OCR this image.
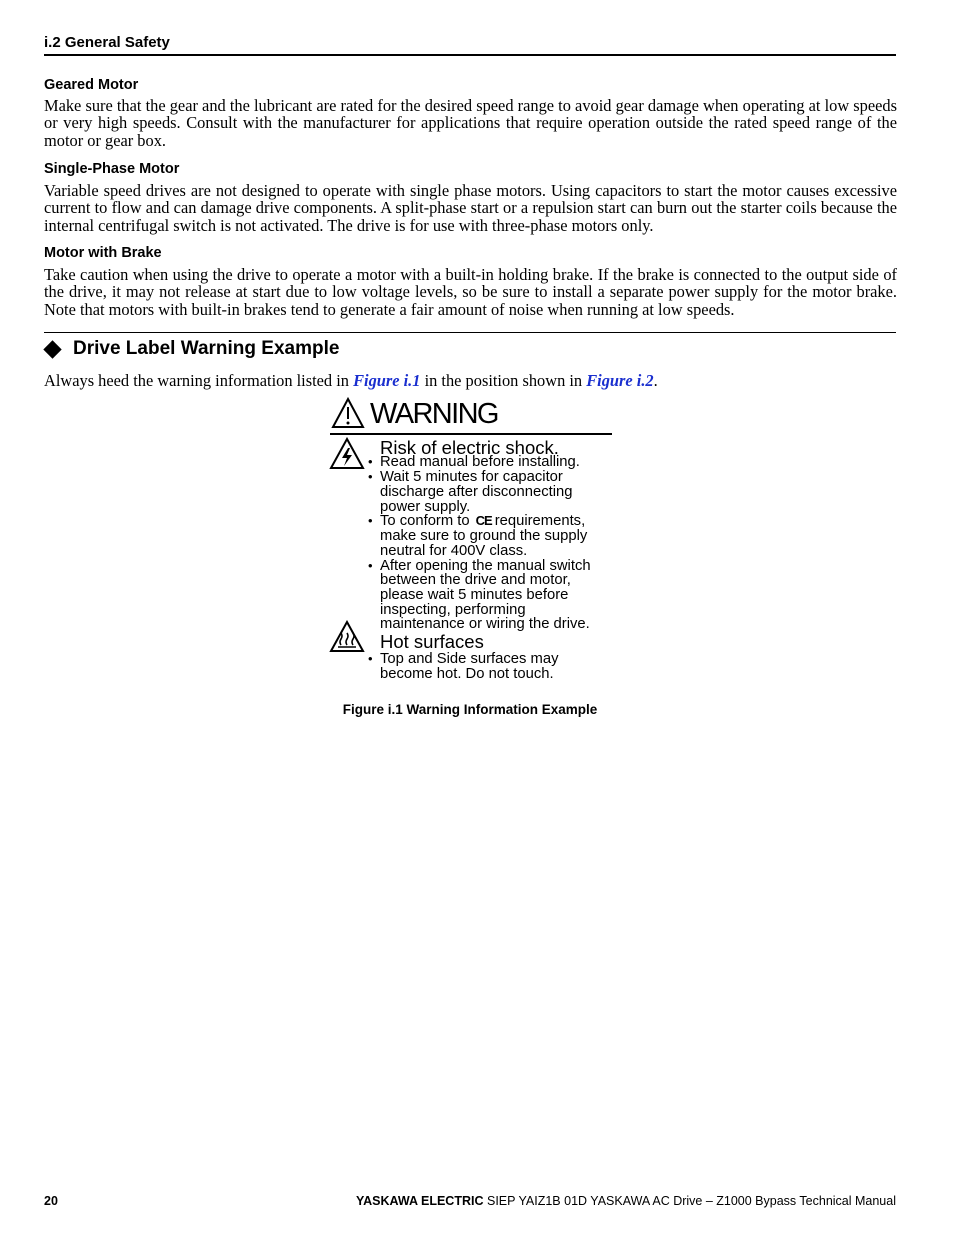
i.2 General Safety
Geared Motor
Make sure that the gear and the lubricant are rated for the desired speed range to avoid gear damage when operating at low speeds or very high speeds. Consult with the manufacturer for applications that require operation outside the rated speed range of the motor or gear box.
Single-Phase Motor
Variable speed drives are not designed to operate with single phase motors. Using capacitors to start the motor causes excessive current to flow and can damage drive components. A split-phase start or a repulsion start can burn out the starter coils because the internal centrifugal switch is not activated. The drive is for use with three-phase motors only.
Motor with Brake
Take caution when using the drive to operate a motor with a built-in holding brake. If the brake is connected to the output side of the drive, it may not release at start due to low voltage levels, so be sure to install a separate power supply for the motor brake. Note that motors with built-in brakes tend to generate a fair amount of noise when running at low speeds.
Drive Label Warning Example
Always heed the warning information listed in Figure i.1 in the position shown in Figure i.2.
WARNING
Risk of electric shock.
• Read manual before installing.
• Wait 5 minutes for capacitor
discharge after disconnecting
power supply.
• To conform to CE requirements,
make sure to ground the supply
neutral for 400V class.
• After opening the manual switch
between the drive and motor,
please wait 5 minutes before
inspecting, performing
maintenance or wiring the drive.
Hot surfaces
• Top and Side surfaces may
become hot. Do not touch.
Figure i.1 Warning Information Example
20	YASKAWA ELECTRIC SIEP YAIZ1B 01D YASKAWA AC Drive – Z1000 Bypass Technical Manual
